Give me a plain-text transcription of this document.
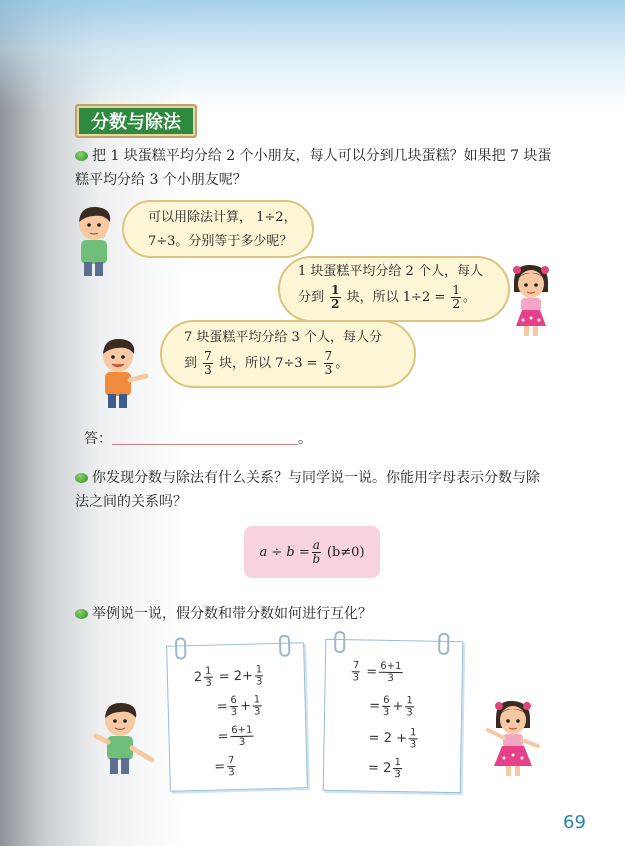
分数与除法
把 1 块蛋糕平均分给 2 个小朋友，每人可以分到几块蛋糕？如果把 7 块蛋
糕平均分给 3 个小朋友呢？
可以用除法计算， 1÷2，
7÷3。分别等于多少呢？
1 块蛋糕平均分给 2 个人，每人
分到 $\frac{1}{2}$ 块，所以 $1\div 2 = \frac{1}{2}$ 。
7 块蛋糕平均分给 3 个人，每人分
到 $\frac{7}{3}$ 块，所以 $7\div 3 = \frac{7}{3}$ 。
答：	。
你发现分数与除法有什么关系？与同学说一说。你能用字母表示分数与除
法之间的关系吗？
$a \div b = \frac{a}{b} (b\ne 0)$
举例说一说，假分数和带分数如何进行互化？
$2 \frac{1}{3} = 2+ \frac{1}{3}$
= $\frac{6}{3} + \frac{1}{3}$
= $\frac{6+1}{3}$
= $\frac{7}{3}$
$\frac{7}{3} = \frac{6+1}{3}$
= $\frac{6}{3} + \frac{1}{3}$
= $2 + \frac{1}{3}$
= $2 \frac{1}{3}$
69
